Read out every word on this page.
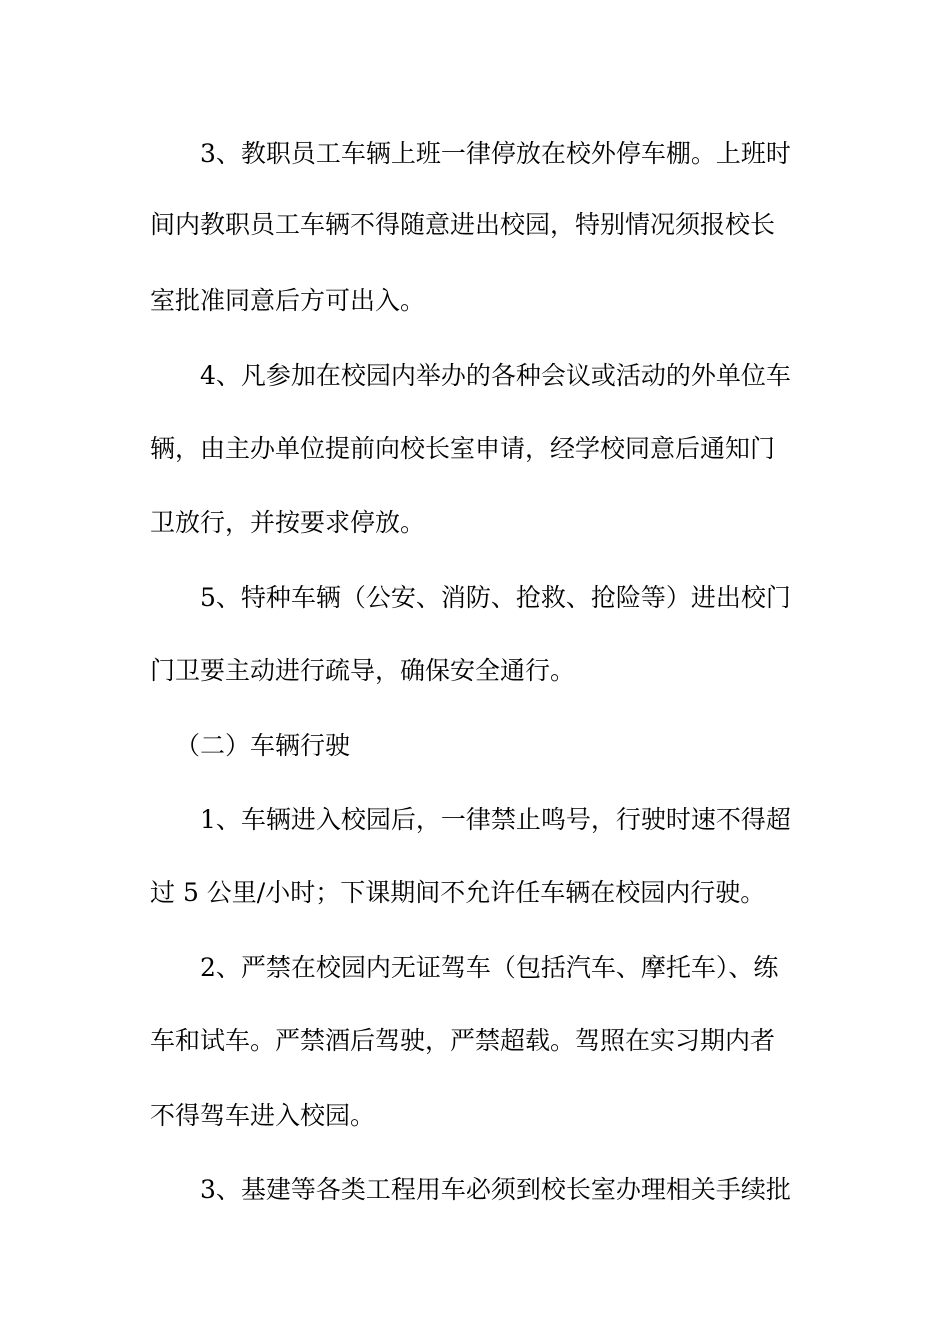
3、教职员工车辆上班一律停放在校外停车棚。上班时
间内教职员工车辆不得随意进出校园，特别情况须报校长
室批准同意后方可出入。
4、凡参加在校园内举办的各种会议或活动的外单位车
辆，由主办单位提前向校长室申请，经学校同意后通知门
卫放行，并按要求停放。
5、特种车辆（公安、消防、抢救、抢险等）进出校门
门卫要主动进行疏导，确保安全通行。
（二）车辆行驶
1、车辆进入校园后，一律禁止鸣号，行驶时速不得超
过 5 公里/小时；下课期间不允许任车辆在校园内行驶。
2、严禁在校园内无证驾车（包括汽车、摩托车）、练
车和试车。严禁酒后驾驶，严禁超载。驾照在实习期内者
不得驾车进入校园。
3、基建等各类工程用车必须到校长室办理相关手续批
